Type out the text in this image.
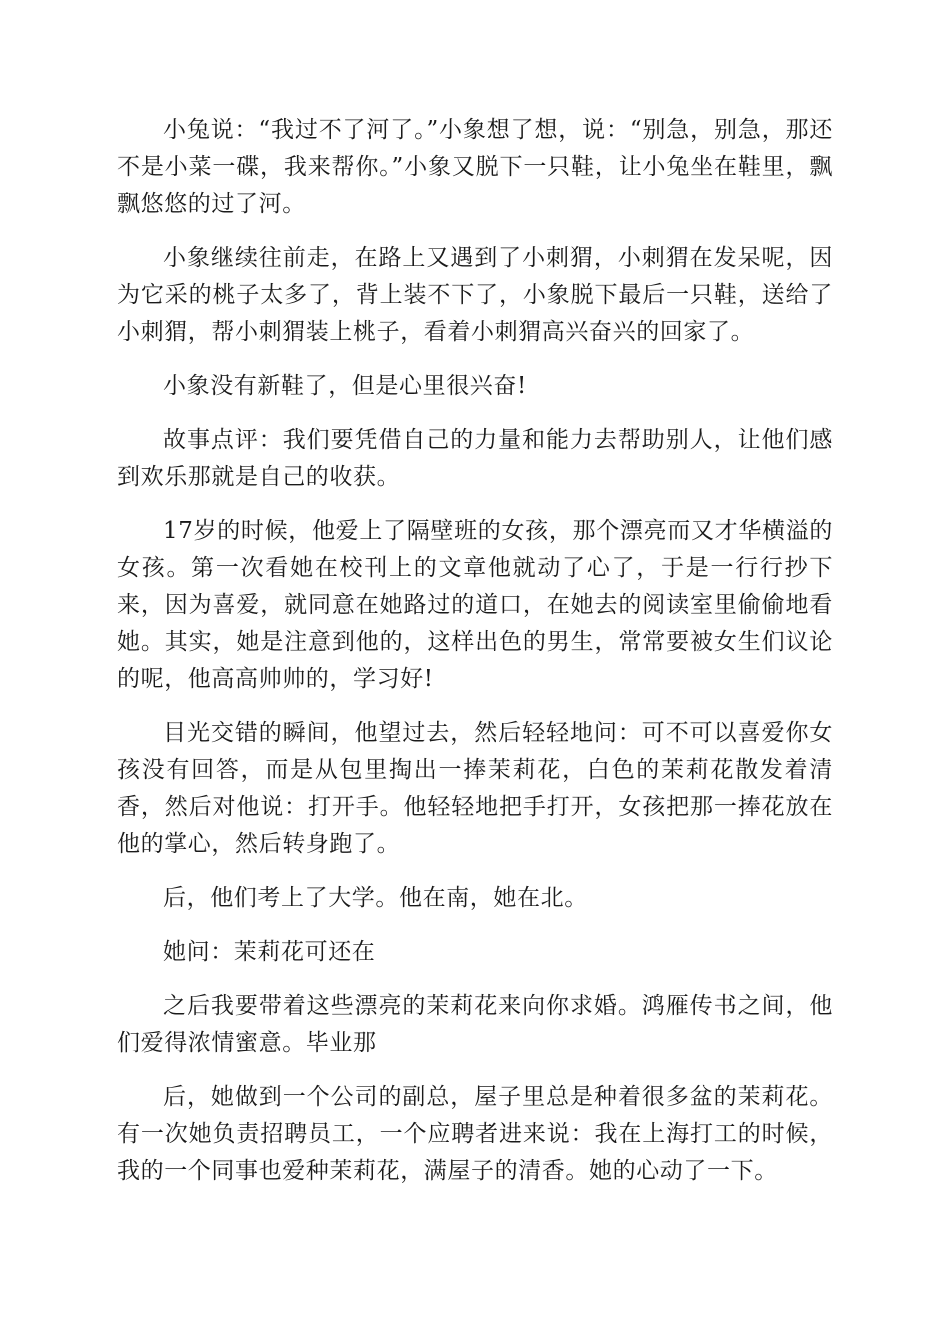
小兔说：“我过不了河了。”小象想了想，说：“别急，别急，那还不是小菜一碟，我来帮你。”小象又脱下一只鞋，让小兔坐在鞋里，飘飘悠悠的过了河。

小象继续往前走，在路上又遇到了小刺猬，小刺猬在发呆呢，因为它采的桃子太多了，背上装不下了，小象脱下最后一只鞋，送给了小刺猬，帮小刺猬装上桃子，看着小刺猬高兴奋兴的回家了。

小象没有新鞋了，但是心里很兴奋!

故事点评：我们要凭借自己的力量和能力去帮助别人，让他们感到欢乐那就是自己的收获。

17岁的时候，他爱上了隔壁班的女孩，那个漂亮而又才华横溢的女孩。第一次看她在校刊上的文章他就动了心了，于是一行行抄下来，因为喜爱，就同意在她路过的道口，在她去的阅读室里偷偷地看她。其实，她是注意到他的，这样出色的男生，常常要被女生们议论的呢，他高高帅帅的，学习好!

目光交错的瞬间，他望过去，然后轻轻地问：可不可以喜爱你女孩没有回答，而是从包里掏出一捧茉莉花，白色的茉莉花散发着清香，然后对他说：打开手。他轻轻地把手打开，女孩把那一捧花放在他的掌心，然后转身跑了。

后，他们考上了大学。他在南，她在北。

她问：茉莉花可还在

之后我要带着这些漂亮的茉莉花来向你求婚。鸿雁传书之间，他们爱得浓情蜜意。毕业那

后，她做到一个公司的副总，屋子里总是种着很多盆的茉莉花。有一次她负责招聘员工，一个应聘者进来说：我在上海打工的时候，我的一个同事也爱种茉莉花，满屋子的清香。她的心动了一下。
